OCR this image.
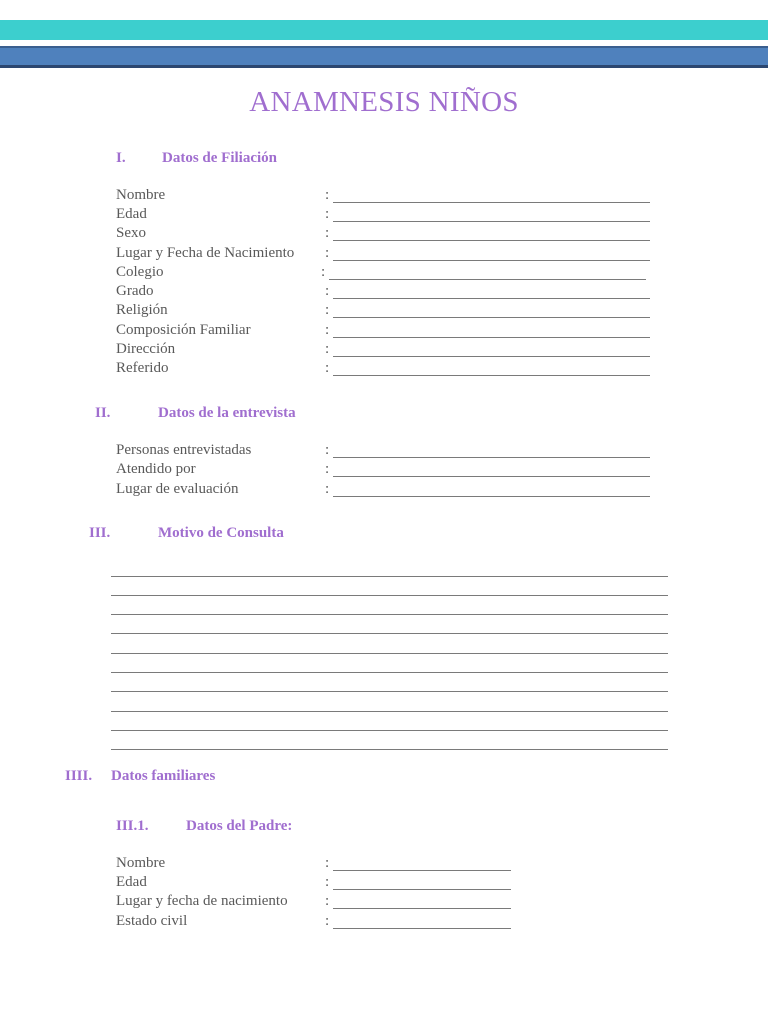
ANAMNESIS NIÑOS
I. Datos de Filiación
Nombre
Edad
Sexo
Lugar y Fecha de Nacimiento
Colegio
Grado
Religión
Composición Familiar
Dirección
Referido
:
:
:
:
:
:
:
:
:
:
II.	Datos de la entrevista
Personas entrevistadas
Atendido por
Lugar de evaluación
:
:
:
III.	Motivo de Consulta
IIII. Datos familiares
III.1. Datos del Padre:
Nombre
Edad
Lugar y fecha de nacimiento
Estado civil
:
:
:
:
